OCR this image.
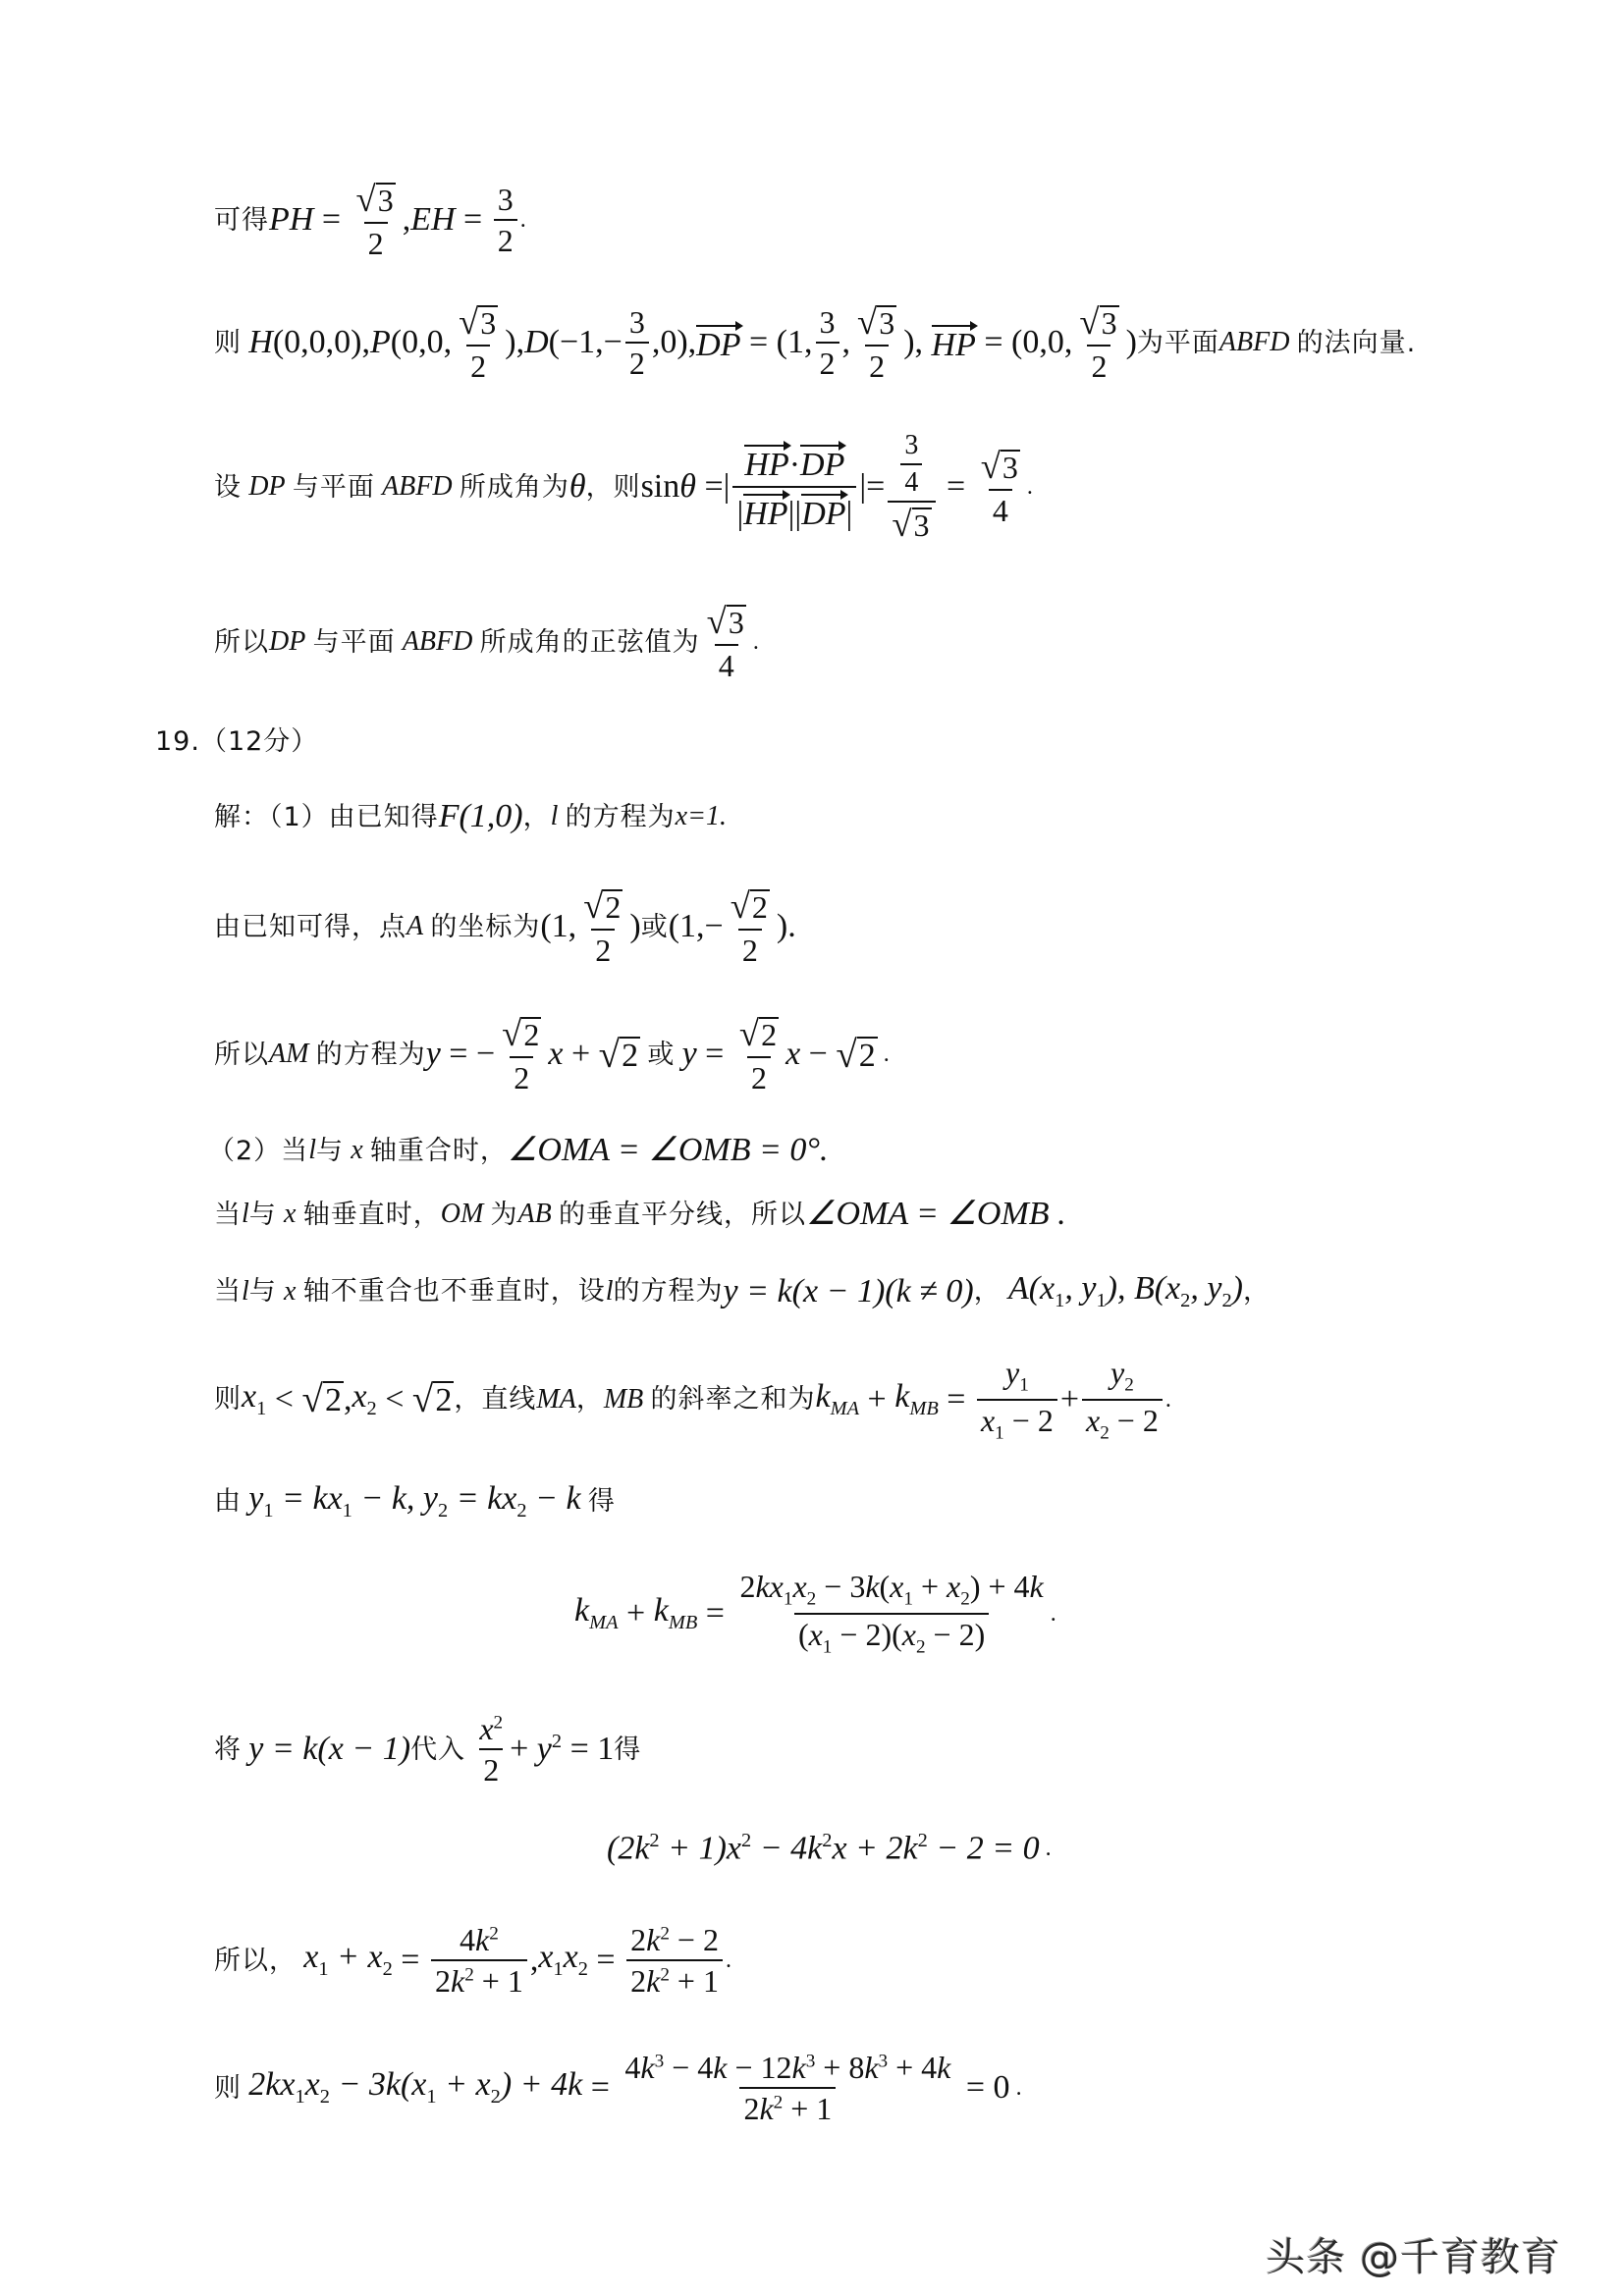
可得 PH = $\frac{√ 3}{2}$ , EH = $\frac{3}{2}$ .
则
H (0,0,0), P (0,0, $\frac{√ 3}{2}$ ), D $(-1,- \frac{3}{2} ,0)$, DP = (1, $\frac{3}{2}$ , $\frac{√ 3}{2}$ ), HP = (0,0, $\frac{√ 3}{2}$ ) 为平面 ABFD
的法向量.
设
DP
与平面
ABFD
所成角为 θ ，则 sin θ =| $\frac{HP\cdot DP}{|HP||DP|}$ |= $\frac{\frac{3}{4}}{√ 3} = \frac{√ 3}{4}$ .
所以 DP
与平面
ABFD
所成角的正弦值为 $\frac{√ 3}{4}$ .
19.（12分）
解：（1）由已知得 F(1,0) ， l
的方程为 x=1.
由已知可得，点 A
的坐标为 (1, $\frac{√ 2}{2}$ ) 或 ($1,- \frac{√ 2}{2}$ ).
所以 AM
的方程为 y = − $\frac{√ 2}{2}$ x + √ 2
或
$y = \frac{√ 2}{2}$ x − √ 2 .
（2）当 l 与
x
轴重合时， ∠OMA = ∠OMB = 0°.
当 l 与
x
轴垂直时， OM
为 AB
的垂直平分线，所以 ∠OMA = ∠OMB .
当 l 与
x
轴不重合也不垂直时，设 l 的方程为 y = k(x − 1)(k ≠ 0) ，
$A(x_1$, $y_1$), $B(x_2$, $y_2$) ，
则 $x_1$ < √ 2 , $x_2$ < √ 2 ，直线 MA ， MB
的斜率之和为 $k_{MA} + k_{MB} = \frac{y_1}{x_1 - 2} + \frac{y_2}{x_2 - 2}$ .
由
$y_1 = kx_1 - k$, $y_2 = kx_2 - k$
得
$k_{MA} + k_{MB} = \frac{2kx_1x_2 - 3k(x_1 + x_2) + 4k}{(x_1 - 2)(x_2 - 2)}$ .
将
y = k(x − 1) 代入
$\frac{x^2}{2} + y^2 = 1$ 得
$(2k^2 + 1)x^2 - 4k^2x + 2k^2 - 2 = 0$ .
所以，
$x_1 + x_2 = \frac{4k^2}{2k^2 + 1}$ , $x_1x_2 = \frac{2k^2 - 2}{2k^2 + 1}$ .
则
$2kx_1x_2 - 3k(x_1 + x_2) + 4k = \frac{4k^3 - 4k - 12k^3 + 8k^3 + 4k}{2k^2 + 1} = 0$ .
头条 @千育教育
